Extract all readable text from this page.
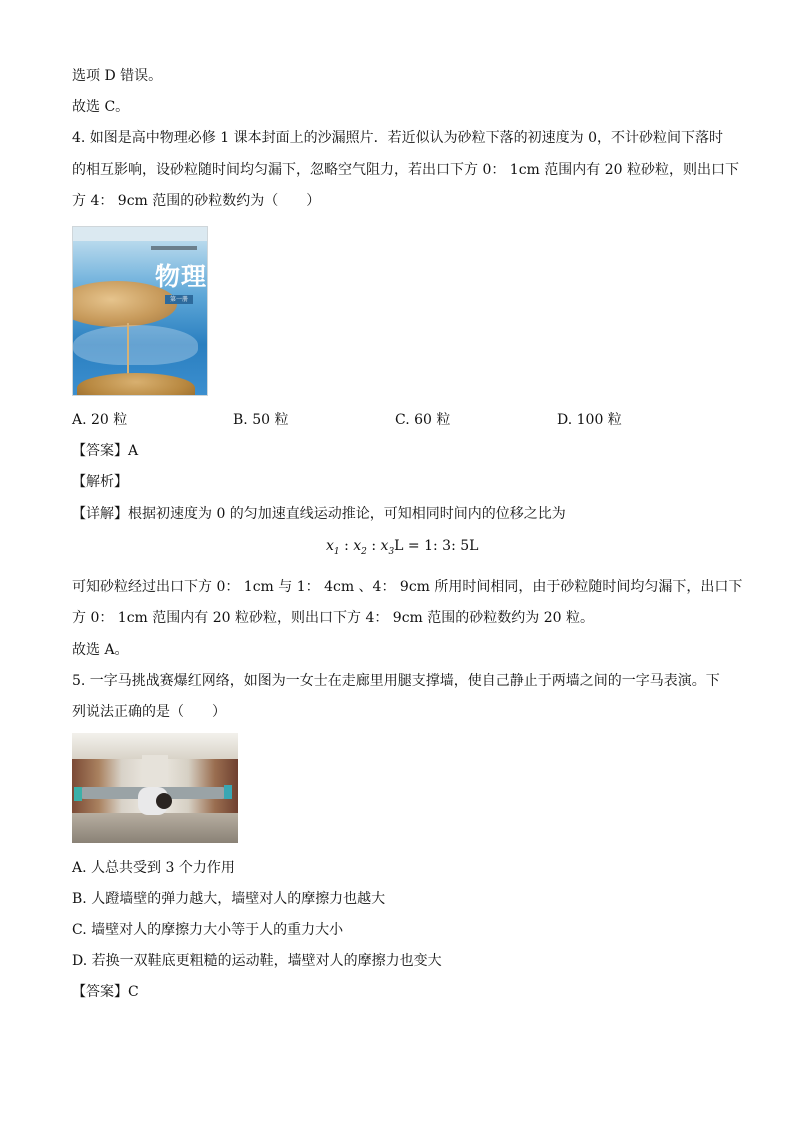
选项 D 错误。
故选 C。
4. 如图是高中物理必修 1 课本封面上的沙漏照片．若近似认为砂粒下落的初速度为 0，不计砂粒间下落时
的相互影响，设砂粒随时间均匀漏下，忽略空气阻力，若出口下方 0： 1cm 范围内有 20 粒砂粒，则出口下
方 4： 9cm 范围的砂粒数约为（　　）
物理
第一册
A. 20 粒	B. 50 粒	C. 60 粒	D. 100 粒
【答案】A
【解析】
【详解】根据初速度为 0 的匀加速直线运动推论，可知相同时间内的位移之比为
$x_1$ : $x_2$ : $x_3L = 1$: 3: 5L
可知砂粒经过出口下方 0： 1cm 与 1： 4cm 、4： 9cm 所用时间相同，由于砂粒随时间均匀漏下，出口下
方 0： 1cm 范围内有 20 粒砂粒，则出口下方 4： 9cm 范围的砂粒数约为 20 粒。
故选 A。
5. 一字马挑战赛爆红网络，如图为一女士在走廊里用腿支撑墙，使自己静止于两墙之间的一字马表演。下
列说法正确的是（　　）
A. 人总共受到 3 个力作用
B. 人蹬墙壁的弹力越大，墙壁对人的摩擦力也越大
C. 墙壁对人的摩擦力大小等于人的重力大小
D. 若换一双鞋底更粗糙的运动鞋，墙壁对人的摩擦力也变大
【答案】C
